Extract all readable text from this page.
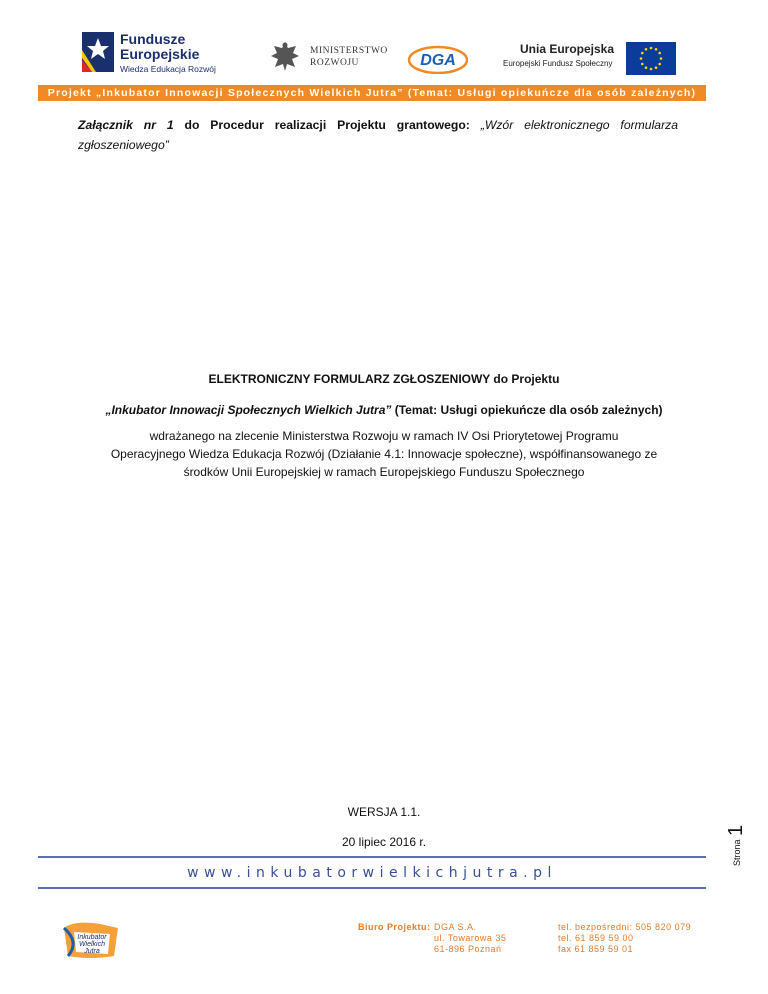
Fundusze
Europejskie
Wiedza Edukacja Rozwój
MINISTERSTWO
ROZWOJU	DGA
Unia Europejska
Europejski Fundusz Społeczny
Projekt „Inkubator Innowacji Społecznych Wielkich Jutra” (Temat: Usługi opiekuńcze dla osób zależnych)
Załącznik nr 1 do Procedur realizacji Projektu grantowego: „Wzór elektronicznego formularza zgłoszeniowego”
ELEKTRONICZNY FORMULARZ ZGŁOSZENIOWY do Projektu
„Inkubator Innowacji Społecznych Wielkich Jutra” (Temat: Usługi opiekuńcze dla osób zależnych)
wdrażanego na zlecenie Ministerstwa Rozwoju w ramach IV Osi Priorytetowej Programu
Operacyjnego Wiedza Edukacja Rozwój (Działanie 4.1: Innowacje społeczne), współfinansowanego ze
środków Unii Europejskiej w ramach Europejskiego Funduszu Społecznego
WERSJA 1.1.
20 lipiec 2016 r.	Strona
1
www.inkubatorwielkichjutra.pl
Inkubator
Wielkich
Jutra
Biuro Projektu: DGA S.A.
ul. Towarowa 35
61-896 Poznań
tel. bezpośredni: 505 820 079
tel. 61 859 59 00
fax 61 859 59 01
